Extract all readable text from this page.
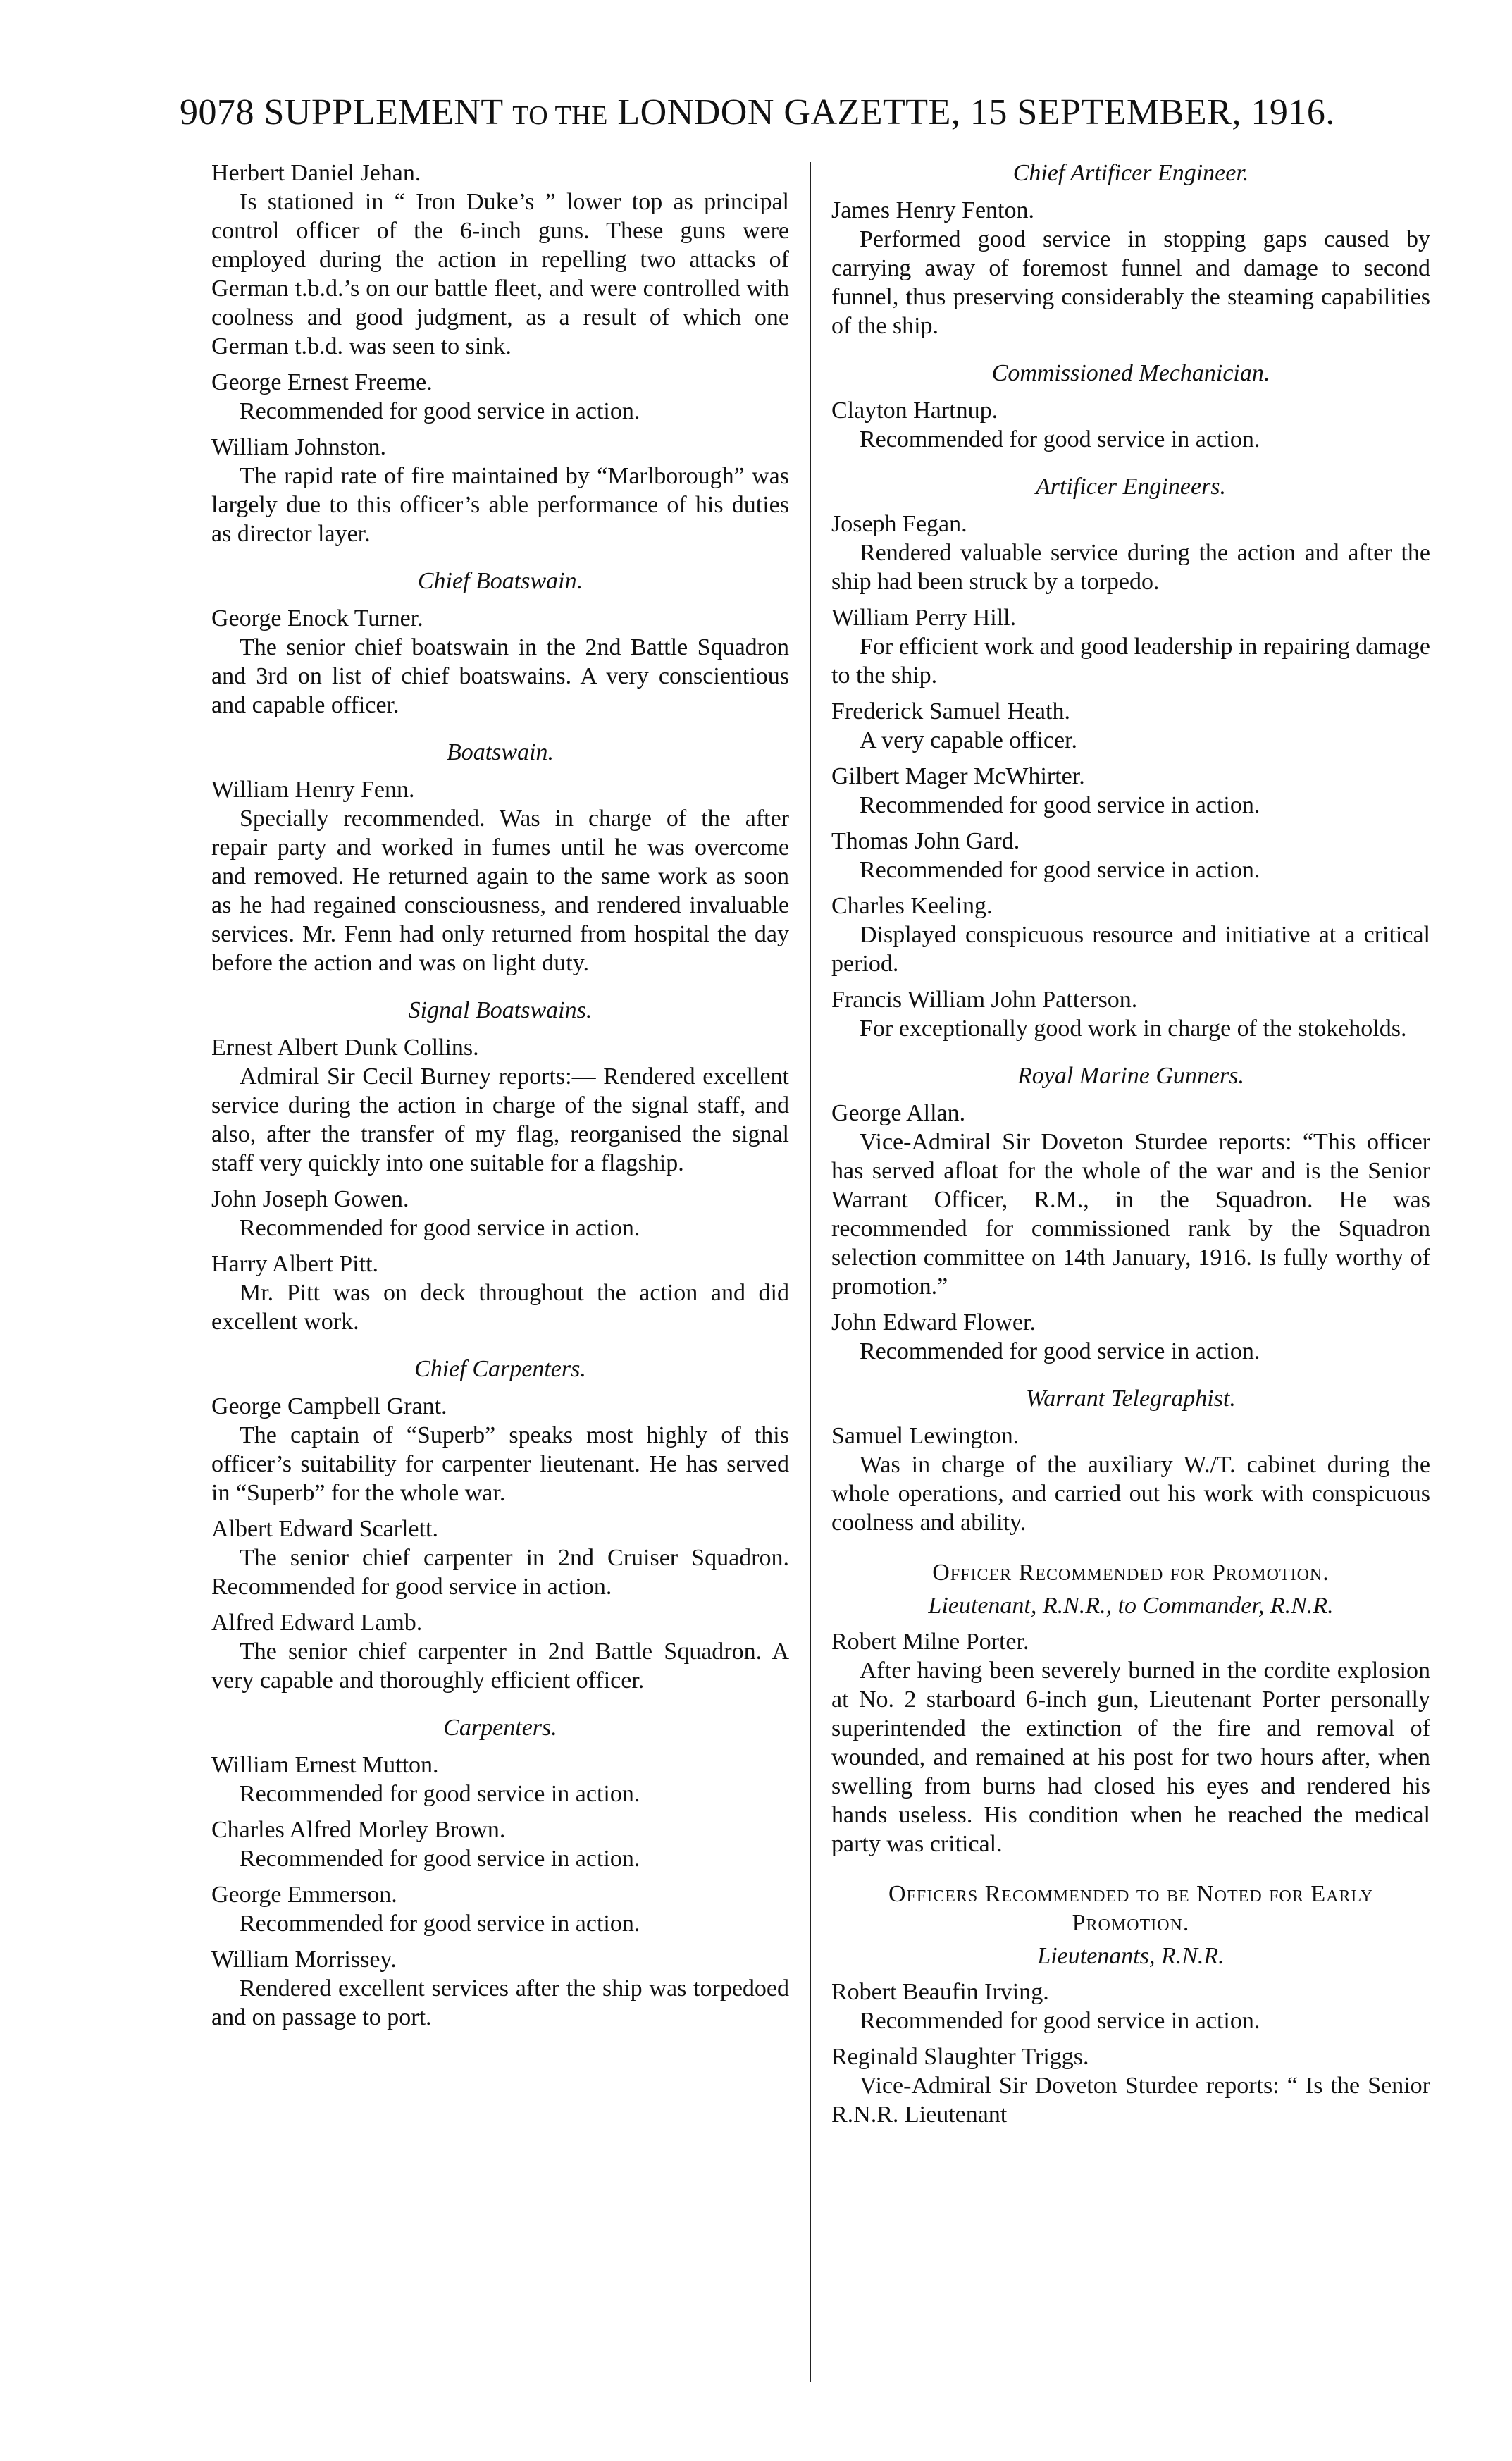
9078 SUPPLEMENT TO THE LONDON GAZETTE, 15 SEPTEMBER, 1916.
Herbert Daniel Jehan.
Is stationed in “ Iron Duke’s ” lower top as principal control officer of the 6-inch guns. These guns were employed during the action in repelling two attacks of German t.b.d.’s on our battle fleet, and were controlled with coolness and good judgment, as a result of which one German t.b.d. was seen to sink.
George Ernest Freeme.
Recommended for good service in action.
William Johnston.
The rapid rate of fire maintained by “Marlborough” was largely due to this officer’s able performance of his duties as director layer.
Chief Boatswain.
George Enock Turner.
The senior chief boatswain in the 2nd Battle Squadron and 3rd on list of chief boatswains. A very conscientious and capable officer.
Boatswain.
William Henry Fenn.
Specially recommended. Was in charge of the after repair party and worked in fumes until he was overcome and removed. He returned again to the same work as soon as he had regained consciousness, and rendered invaluable services. Mr. Fenn had only returned from hospital the day before the action and was on light duty.
Signal Boatswains.
Ernest Albert Dunk Collins.
Admiral Sir Cecil Burney reports:— Rendered excellent service during the action in charge of the signal staff, and also, after the transfer of my flag, reorganised the signal staff very quickly into one suitable for a flagship.
John Joseph Gowen.
Recommended for good service in action.
Harry Albert Pitt.
Mr. Pitt was on deck throughout the action and did excellent work.
Chief Carpenters.
George Campbell Grant.
The captain of “Superb” speaks most highly of this officer’s suitability for carpenter lieutenant. He has served in “Superb” for the whole war.
Albert Edward Scarlett.
The senior chief carpenter in 2nd Cruiser Squadron. Recommended for good service in action.
Alfred Edward Lamb.
The senior chief carpenter in 2nd Battle Squadron. A very capable and thoroughly efficient officer.
Carpenters.
William Ernest Mutton.
Recommended for good service in action.
Charles Alfred Morley Brown.
Recommended for good service in action.
George Emmerson.
Recommended for good service in action.
William Morrissey.
Rendered excellent services after the ship was torpedoed and on passage to port.
Chief Artificer Engineer.
James Henry Fenton.
Performed good service in stopping gaps caused by carrying away of foremost funnel and damage to second funnel, thus preserving considerably the steaming capabilities of the ship.
Commissioned Mechanician.
Clayton Hartnup.
Recommended for good service in action.
Artificer Engineers.
Joseph Fegan.
Rendered valuable service during the action and after the ship had been struck by a torpedo.
William Perry Hill.
For efficient work and good leadership in repairing damage to the ship.
Frederick Samuel Heath.
A very capable officer.
Gilbert Mager McWhirter.
Recommended for good service in action.
Thomas John Gard.
Recommended for good service in action.
Charles Keeling.
Displayed conspicuous resource and initiative at a critical period.
Francis William John Patterson.
For exceptionally good work in charge of the stokeholds.
Royal Marine Gunners.
George Allan.
Vice-Admiral Sir Doveton Sturdee reports: “This officer has served afloat for the whole of the war and is the Senior Warrant Officer, R.M., in the Squadron. He was recommended for commissioned rank by the Squadron selection committee on 14th January, 1916. Is fully worthy of promotion.”
John Edward Flower.
Recommended for good service in action.
Warrant Telegraphist.
Samuel Lewington.
Was in charge of the auxiliary W./T. cabinet during the whole operations, and carried out his work with conspicuous coolness and ability.
Officer Recommended for Promotion.
Lieutenant, R.N.R., to Commander, R.N.R.
Robert Milne Porter.
After having been severely burned in the cordite explosion at No. 2 starboard 6-inch gun, Lieutenant Porter personally superintended the extinction of the fire and removal of wounded, and remained at his post for two hours after, when swelling from burns had closed his eyes and rendered his hands useless. His condition when he reached the medical party was critical.
Officers Recommended to be Noted for Early Promotion.
Lieutenants, R.N.R.
Robert Beaufin Irving.
Recommended for good service in action.
Reginald Slaughter Triggs.
Vice-Admiral Sir Doveton Sturdee reports: “ Is the Senior R.N.R. Lieutenant
